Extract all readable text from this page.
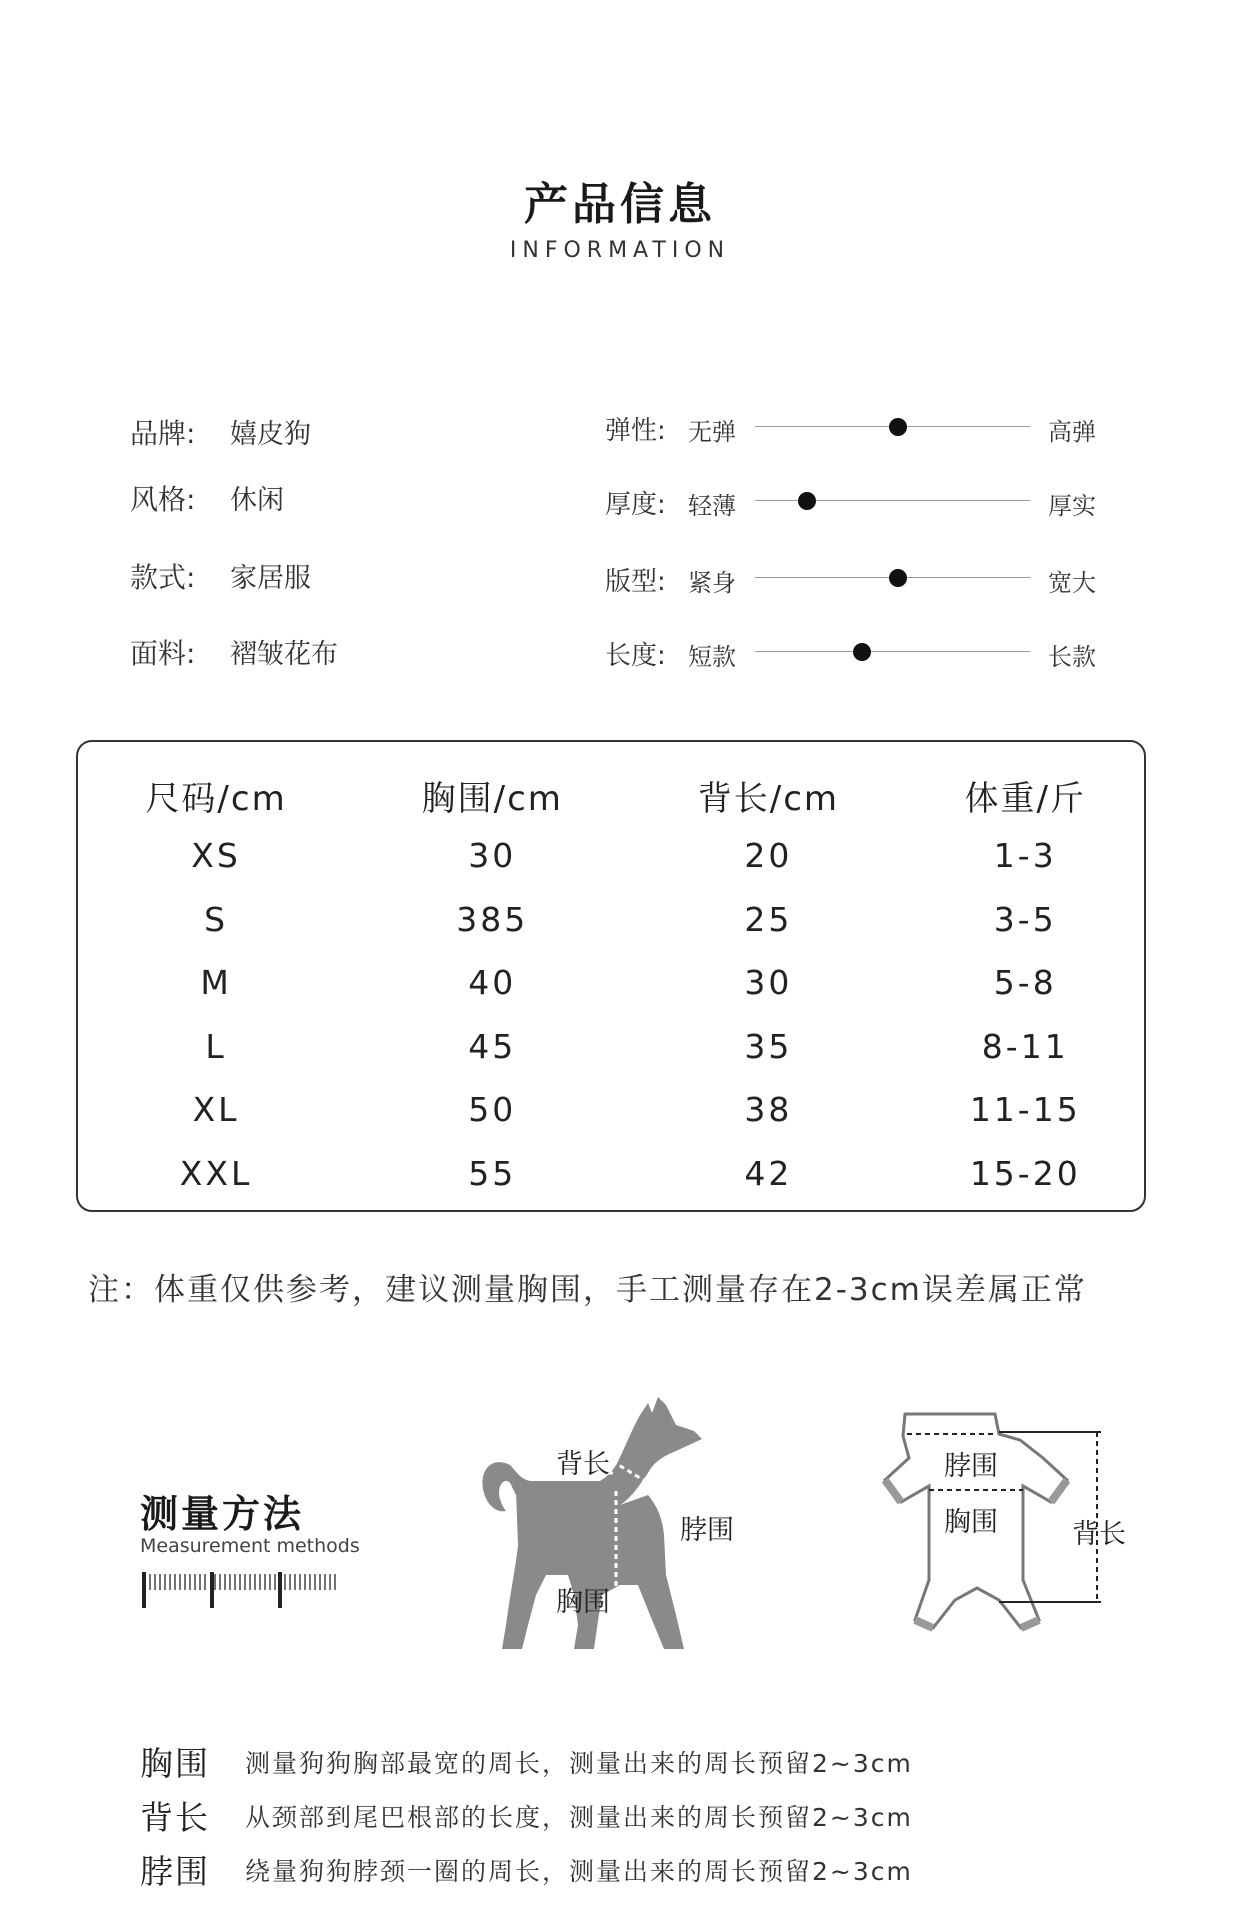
产品信息
INFORMATION
品牌: 嬉皮狗
风格: 休闲
款式: 家居服
面料: 褶皱花布
弹性: 无弹	高弹
厚度: 轻薄	厚实
版型: 紧身	宽大
长度: 短款	长款
尺码/cm	胸围/cm	背长/cm	体重/斤
XS	30	20	1-3
S	385	25	3-5
M	40	30	5-8
L	45	35	8-11
XL	50	38	11-15
XXL	55	42	15-20
注：体重仅供参考，建议测量胸围，手工测量存在2-3cm误差属正常
测量方法
Measurement methods
背长
脖围
胸围
脖围
胸围	背长
胸围 测量狗狗胸部最宽的周长，测量出来的周长预留2~3cm
背长 从颈部到尾巴根部的长度，测量出来的周长预留2~3cm
脖围 绕量狗狗脖颈一圈的周长，测量出来的周长预留2~3cm
